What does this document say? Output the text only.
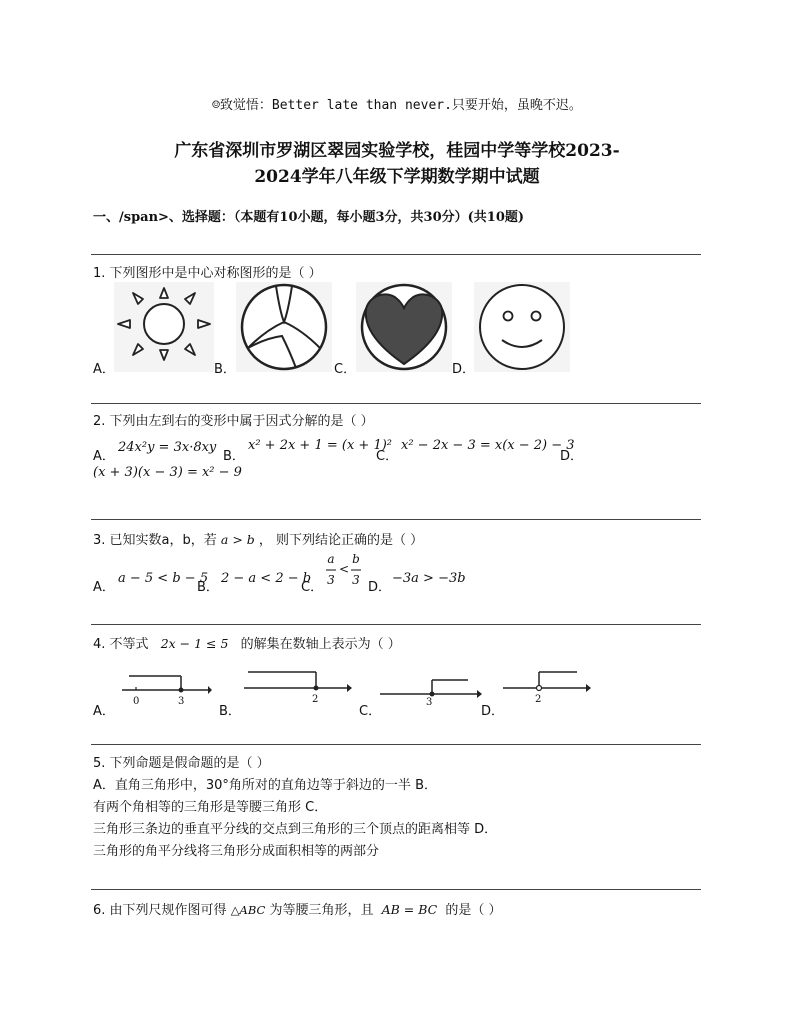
☺致觉悟：Better late than never.只要开始，虽晚不迟。
广东省深圳市罗湖区翠园实验学校，桂园中学等学校2023-
2024学年八年级下学期数学期中试题
一、/span>、选择题：（本题有10小题，每小题3分，共30分）(共10题)
1. 下列图形中是中心对称图形的是（ ）
A．	B．	C．	D．
2. 下列由左到右的变形中属于因式分解的是（ ）
A．
24x²y = 3x·8xy
B．
x² + 2x + 1 = (x + 1)²
C．
x² − 2x − 3 = x(x − 2) − 3
D．
(x + 3)(x − 3) = x² − 9
3. 已知实数a，b，若 a > b ， 则下列结论正确的是（ ）
A．
a − 5 < b − 5
B．
2 − a < 2 − b
C．
a
3
<
b
3 D．
−3a > −3b
4. 不等式 2x − 1 ≤ 5 的解集在数轴上表示为（ ）
0	3	2	3	2
A．	B．	C．	D．
5. 下列命题是假命题的是（ ）
A．直角三角形中，30°角所对的直角边等于斜边的一半 B．
有两个角相等的三角形是等腰三角形 C．
三角形三条边的垂直平分线的交点到三角形的三个顶点的距离相等 D．
三角形的角平分线将三角形分成面积相等的两部分
6. 由下列尺规作图可得 △ABC 为等腰三角形，且 AB = BC 的是（ ）
